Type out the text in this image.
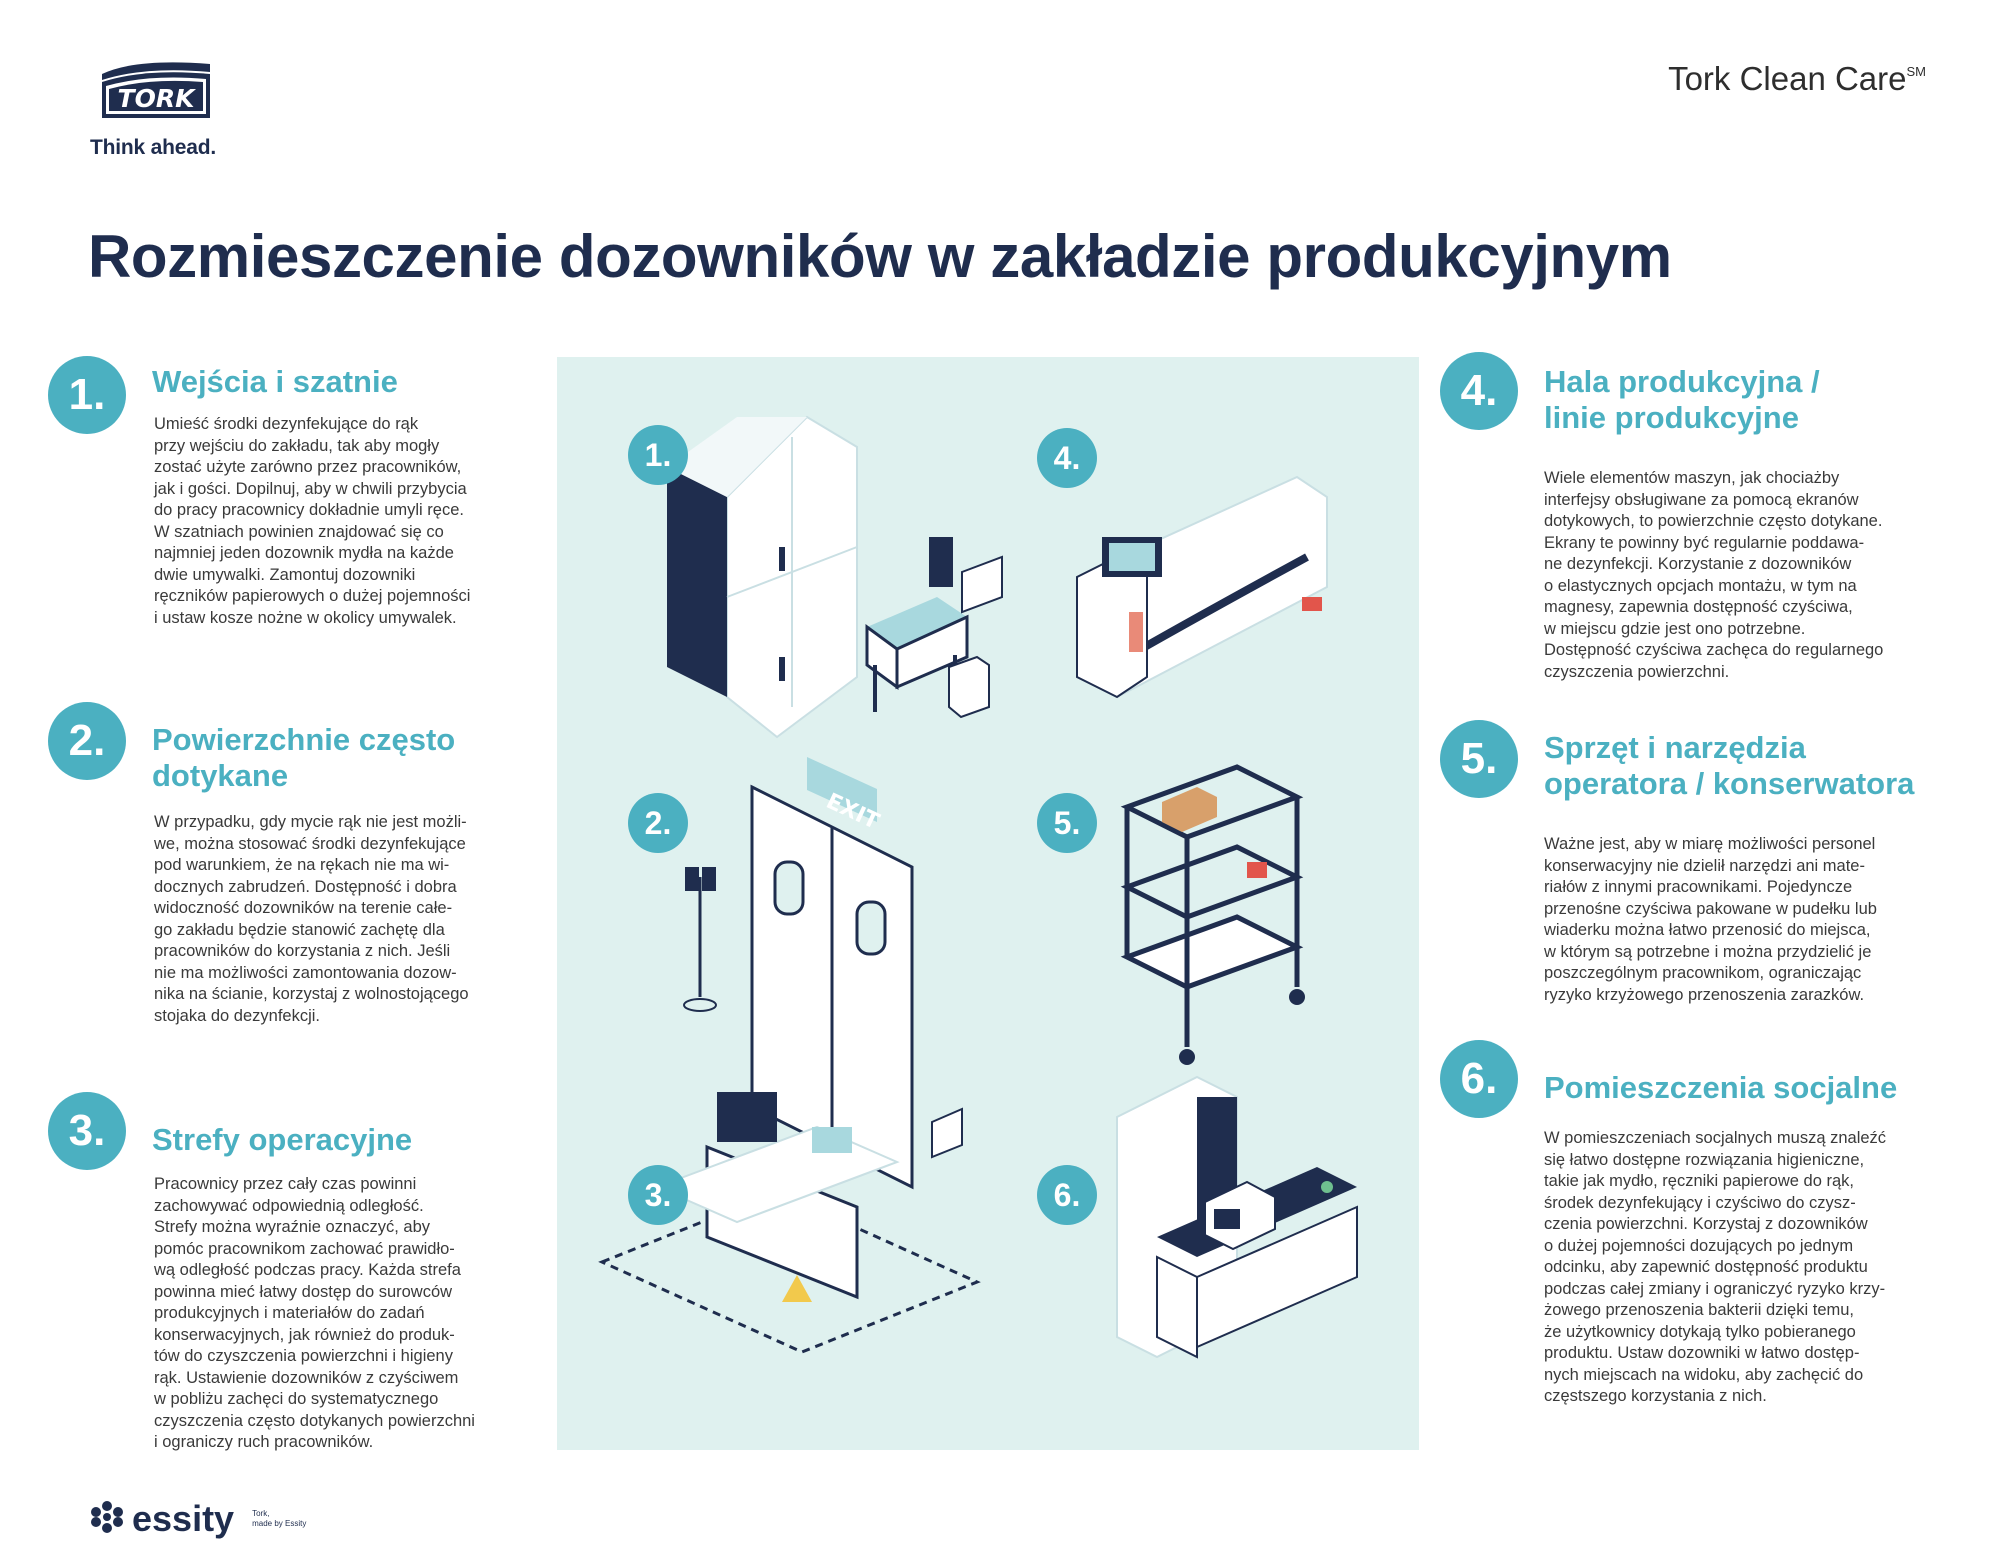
TORK
Think ahead.
Tork Clean Care℠
Rozmieszczenie dozowników w zakładzie produkcyjnym
1.	Wejścia i szatnie
Umieść środki dezynfekujące do rąk
przy wejściu do zakładu, tak aby mogły
zostać użyte zarówno przez pracowników,
jak i gości. Dopilnuj, aby w chwili przybycia
do pracy pracownicy dokładnie umyli ręce.
W szatniach powinien znajdować się co
najmniej jeden dozownik mydła na każde
dwie umywalki. Zamontuj dozowniki
ręczników papierowych o dużej pojemności
i ustaw kosze nożne w okolicy umywalek.
2.	Powierzchnie często
dotykane
W przypadku, gdy mycie rąk nie jest możli-
we, można stosować środki dezynfekujące
pod warunkiem, że na rękach nie ma wi-
docznych zabrudzeń. Dostępność i dobra
widoczność dozowników na terenie całe-
go zakładu będzie stanowić zachętę dla
pracowników do korzystania z nich. Jeśli
nie ma możliwości zamontowania dozow-
nika na ścianie, korzystaj z wolnostojącego
stojaka do dezynfekcji.
3.	Strefy operacyjne
Pracownicy przez cały czas powinni
zachowywać odpowiednią odległość.
Strefy można wyraźnie oznaczyć, aby
pomóc pracownikom zachować prawidło-
wą odległość podczas pracy. Każda strefa
powinna mieć łatwy dostęp do surowców
produkcyjnych i materiałów do zadań
konserwacyjnych, jak również do produk-
tów do czyszczenia powierzchni i higieny
rąk. Ustawienie dozowników z czyściwem
w pobliżu zachęci do systematycznego
czyszczenia często dotykanych powierzchni
i ograniczy ruch pracowników.
4.	Hala produkcyjna /
linie produkcyjne
Wiele elementów maszyn, jak chociażby
interfejsy obsługiwane za pomocą ekranów
dotykowych, to powierzchnie często dotykane.
Ekrany te powinny być regularnie poddawa-
ne dezynfekcji. Korzystanie z dozowników
o elastycznych opcjach montażu, w tym na
magnesy, zapewnia dostępność czyściwa,
w miejscu gdzie jest ono potrzebne.
Dostępność czyściwa zachęca do regularnego
czyszczenia powierzchni.
5.	Sprzęt i narzędzia
operatora / konserwatora
Ważne jest, aby w miarę możliwości personel
konserwacyjny nie dzielił narzędzi ani mate-
riałów z innymi pracownikami. Pojedyncze
przenośne czyściwa pakowane w pudełku lub
wiaderku można łatwo przenosić do miejsca,
w którym są potrzebne i można przydzielić je
poszczególnym pracownikom, ograniczając
ryzyko krzyżowego przenoszenia zarazków.
6.	Pomieszczenia socjalne
W pomieszczeniach socjalnych muszą znaleźć
się łatwo dostępne rozwiązania higieniczne,
takie jak mydło, ręczniki papierowe do rąk,
środek dezynfekujący i czyściwo do czysz-
czenia powierzchni. Korzystaj z dozowników
o dużej pojemności dozujących po jednym
odcinku, aby zapewnić dostępność produktu
podczas całej zmiany i ograniczyć ryzyko krzy-
żowego przenoszenia bakterii dzięki temu,
że użytkownicy dotykają tylko pobieranego
produktu. Ustaw dozowniki w łatwo dostęp-
nych miejscach na widoku, aby zachęcić do
częstszego korzystania z nich.
EXIT
1.	4.
2.	5.
3.	6.
essity Tork,
made by Essity
